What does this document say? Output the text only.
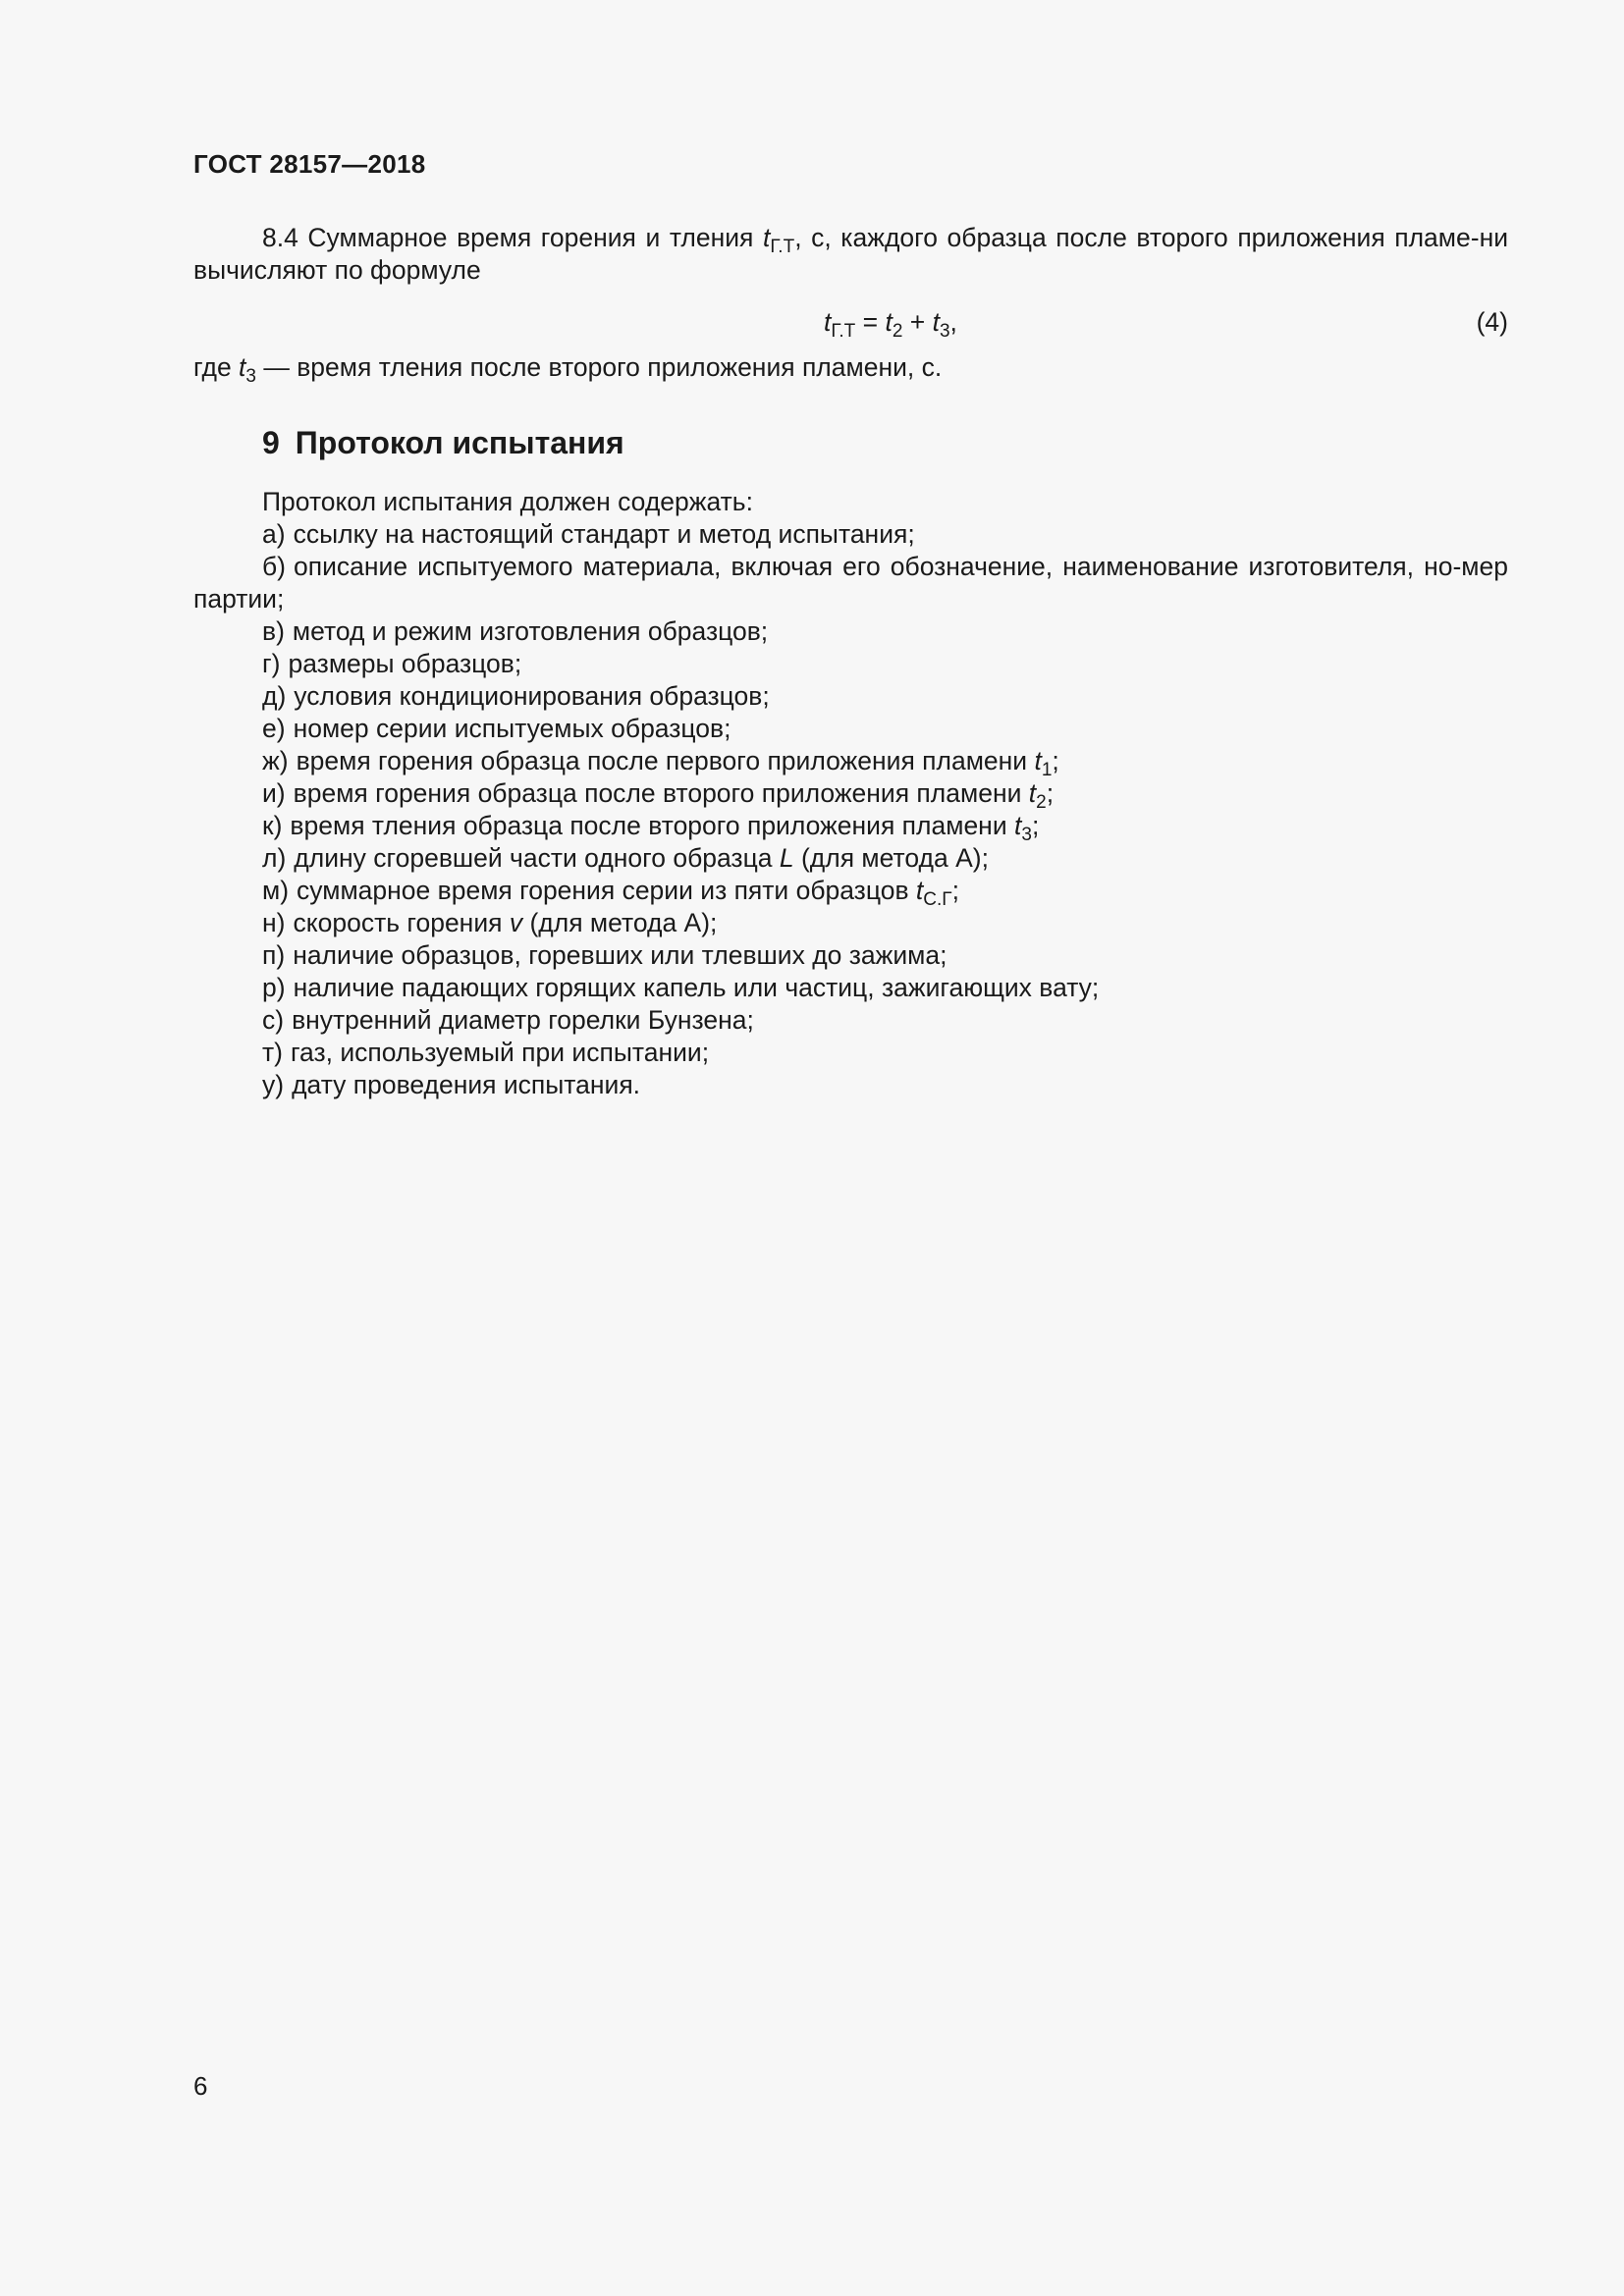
ГОСТ 28157—2018
8.4 Суммарное время горения и тления $t_{Г.Т}$, с, каждого образца после второго приложения пламе-ни вычисляют по формуле
$t_{Г.Т} = t_2 + t_3$,	(4)
где $t_3$ — время тления после второго приложения пламени, с.
9 Протокол испытания
Протокол испытания должен содержать:
а) ссылку на настоящий стандарт и метод испытания;
б) описание испытуемого материала, включая его обозначение, наименование изготовителя, но-мер партии;
в) метод и режим изготовления образцов;
г) размеры образцов;
д) условия кондиционирования образцов;
е) номер серии испытуемых образцов;
ж) время горения образца после первого приложения пламени $t_1$;
и) время горения образца после второго приложения пламени $t_2$;
к) время тления образца после второго приложения пламени $t_3$;
л) длину сгоревшей части одного образца L (для метода А);
м) суммарное время горения серии из пяти образцов $t_{С.Г}$;
н) скорость горения v (для метода А);
п) наличие образцов, горевших или тлевших до зажима;
р) наличие падающих горящих капель или частиц, зажигающих вату;
с) внутренний диаметр горелки Бунзена;
т) газ, используемый при испытании;
у) дату проведения испытания.
6
